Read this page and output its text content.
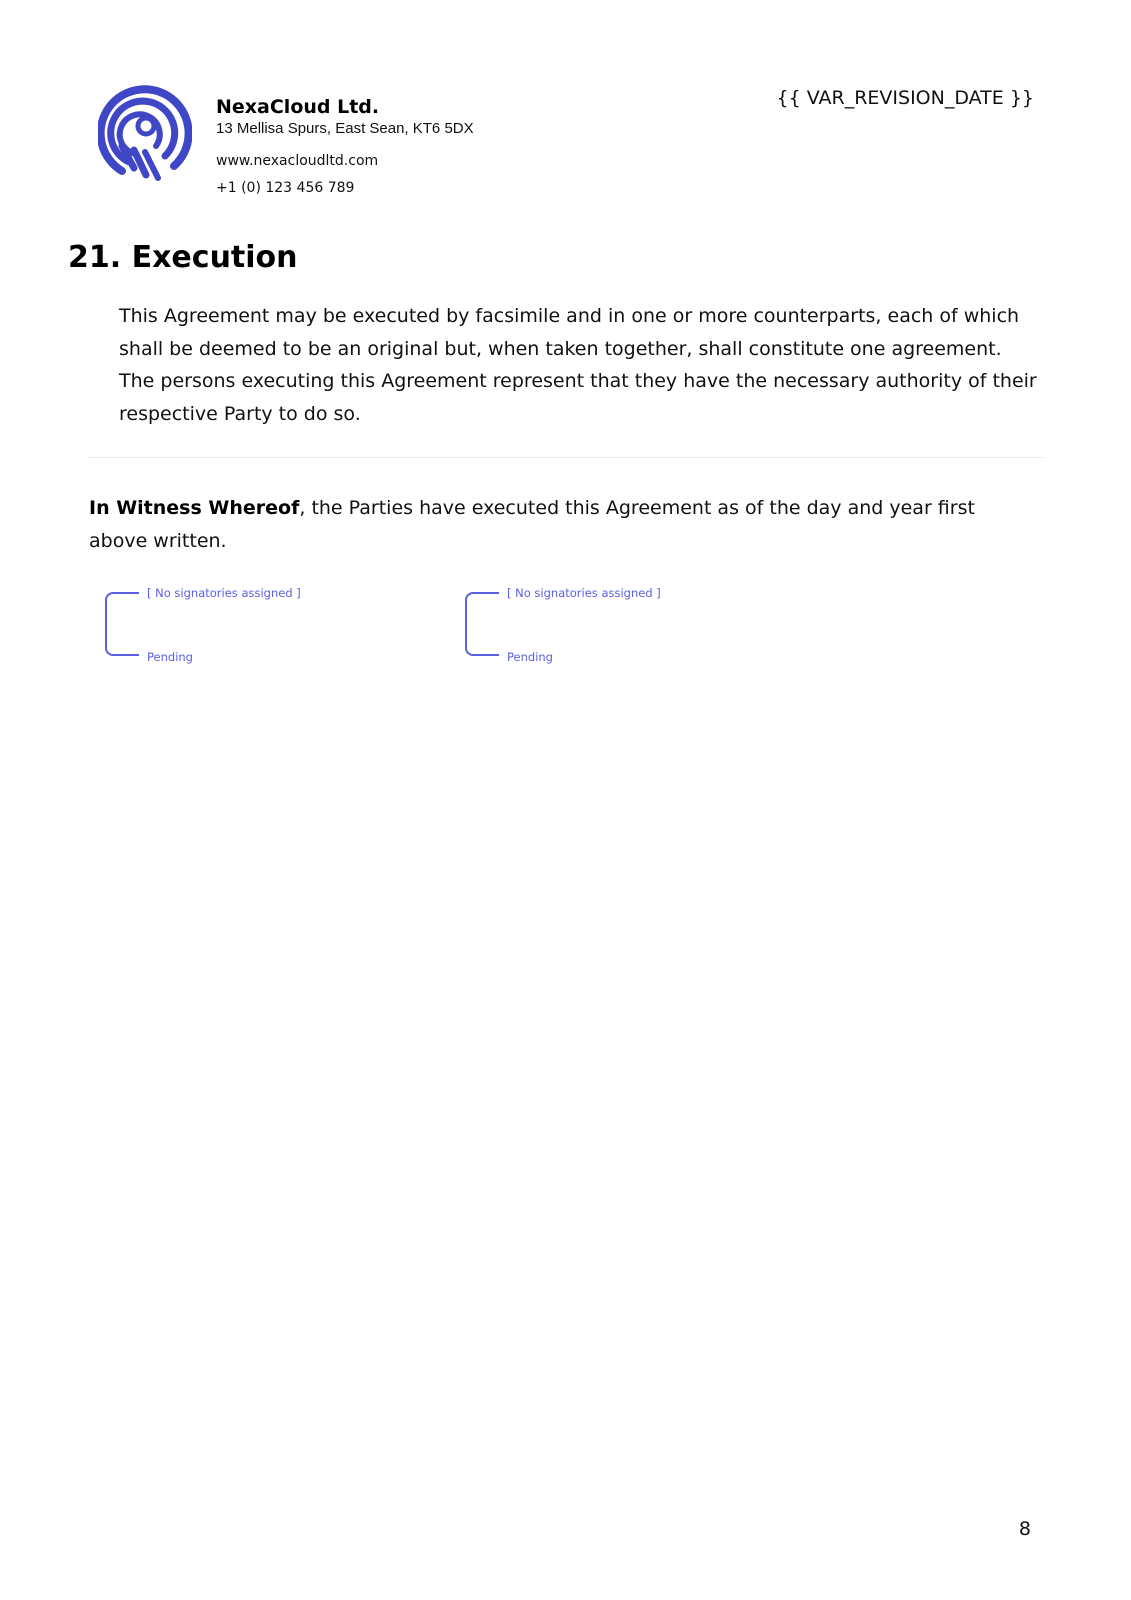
NexaCloud Ltd.
13 Mellisa Spurs, East Sean, KT6 5DX
www.nexacloudltd.com
+1 (0) 123 456 789
{{ VAR_REVISION_DATE }}
21. Execution

This Agreement may be executed by facsimile and in one or more counterparts, each of which shall be deemed to be an original but, when taken together, shall constitute one agreement. The persons executing this Agreement represent that they have the necessary authority of their respective Party to do so.

In Witness Whereof, the Parties have executed this Agreement as of the day and year first above written.

[ No signatories assigned ]
Pending
[ No signatories assigned ]
Pending
8
